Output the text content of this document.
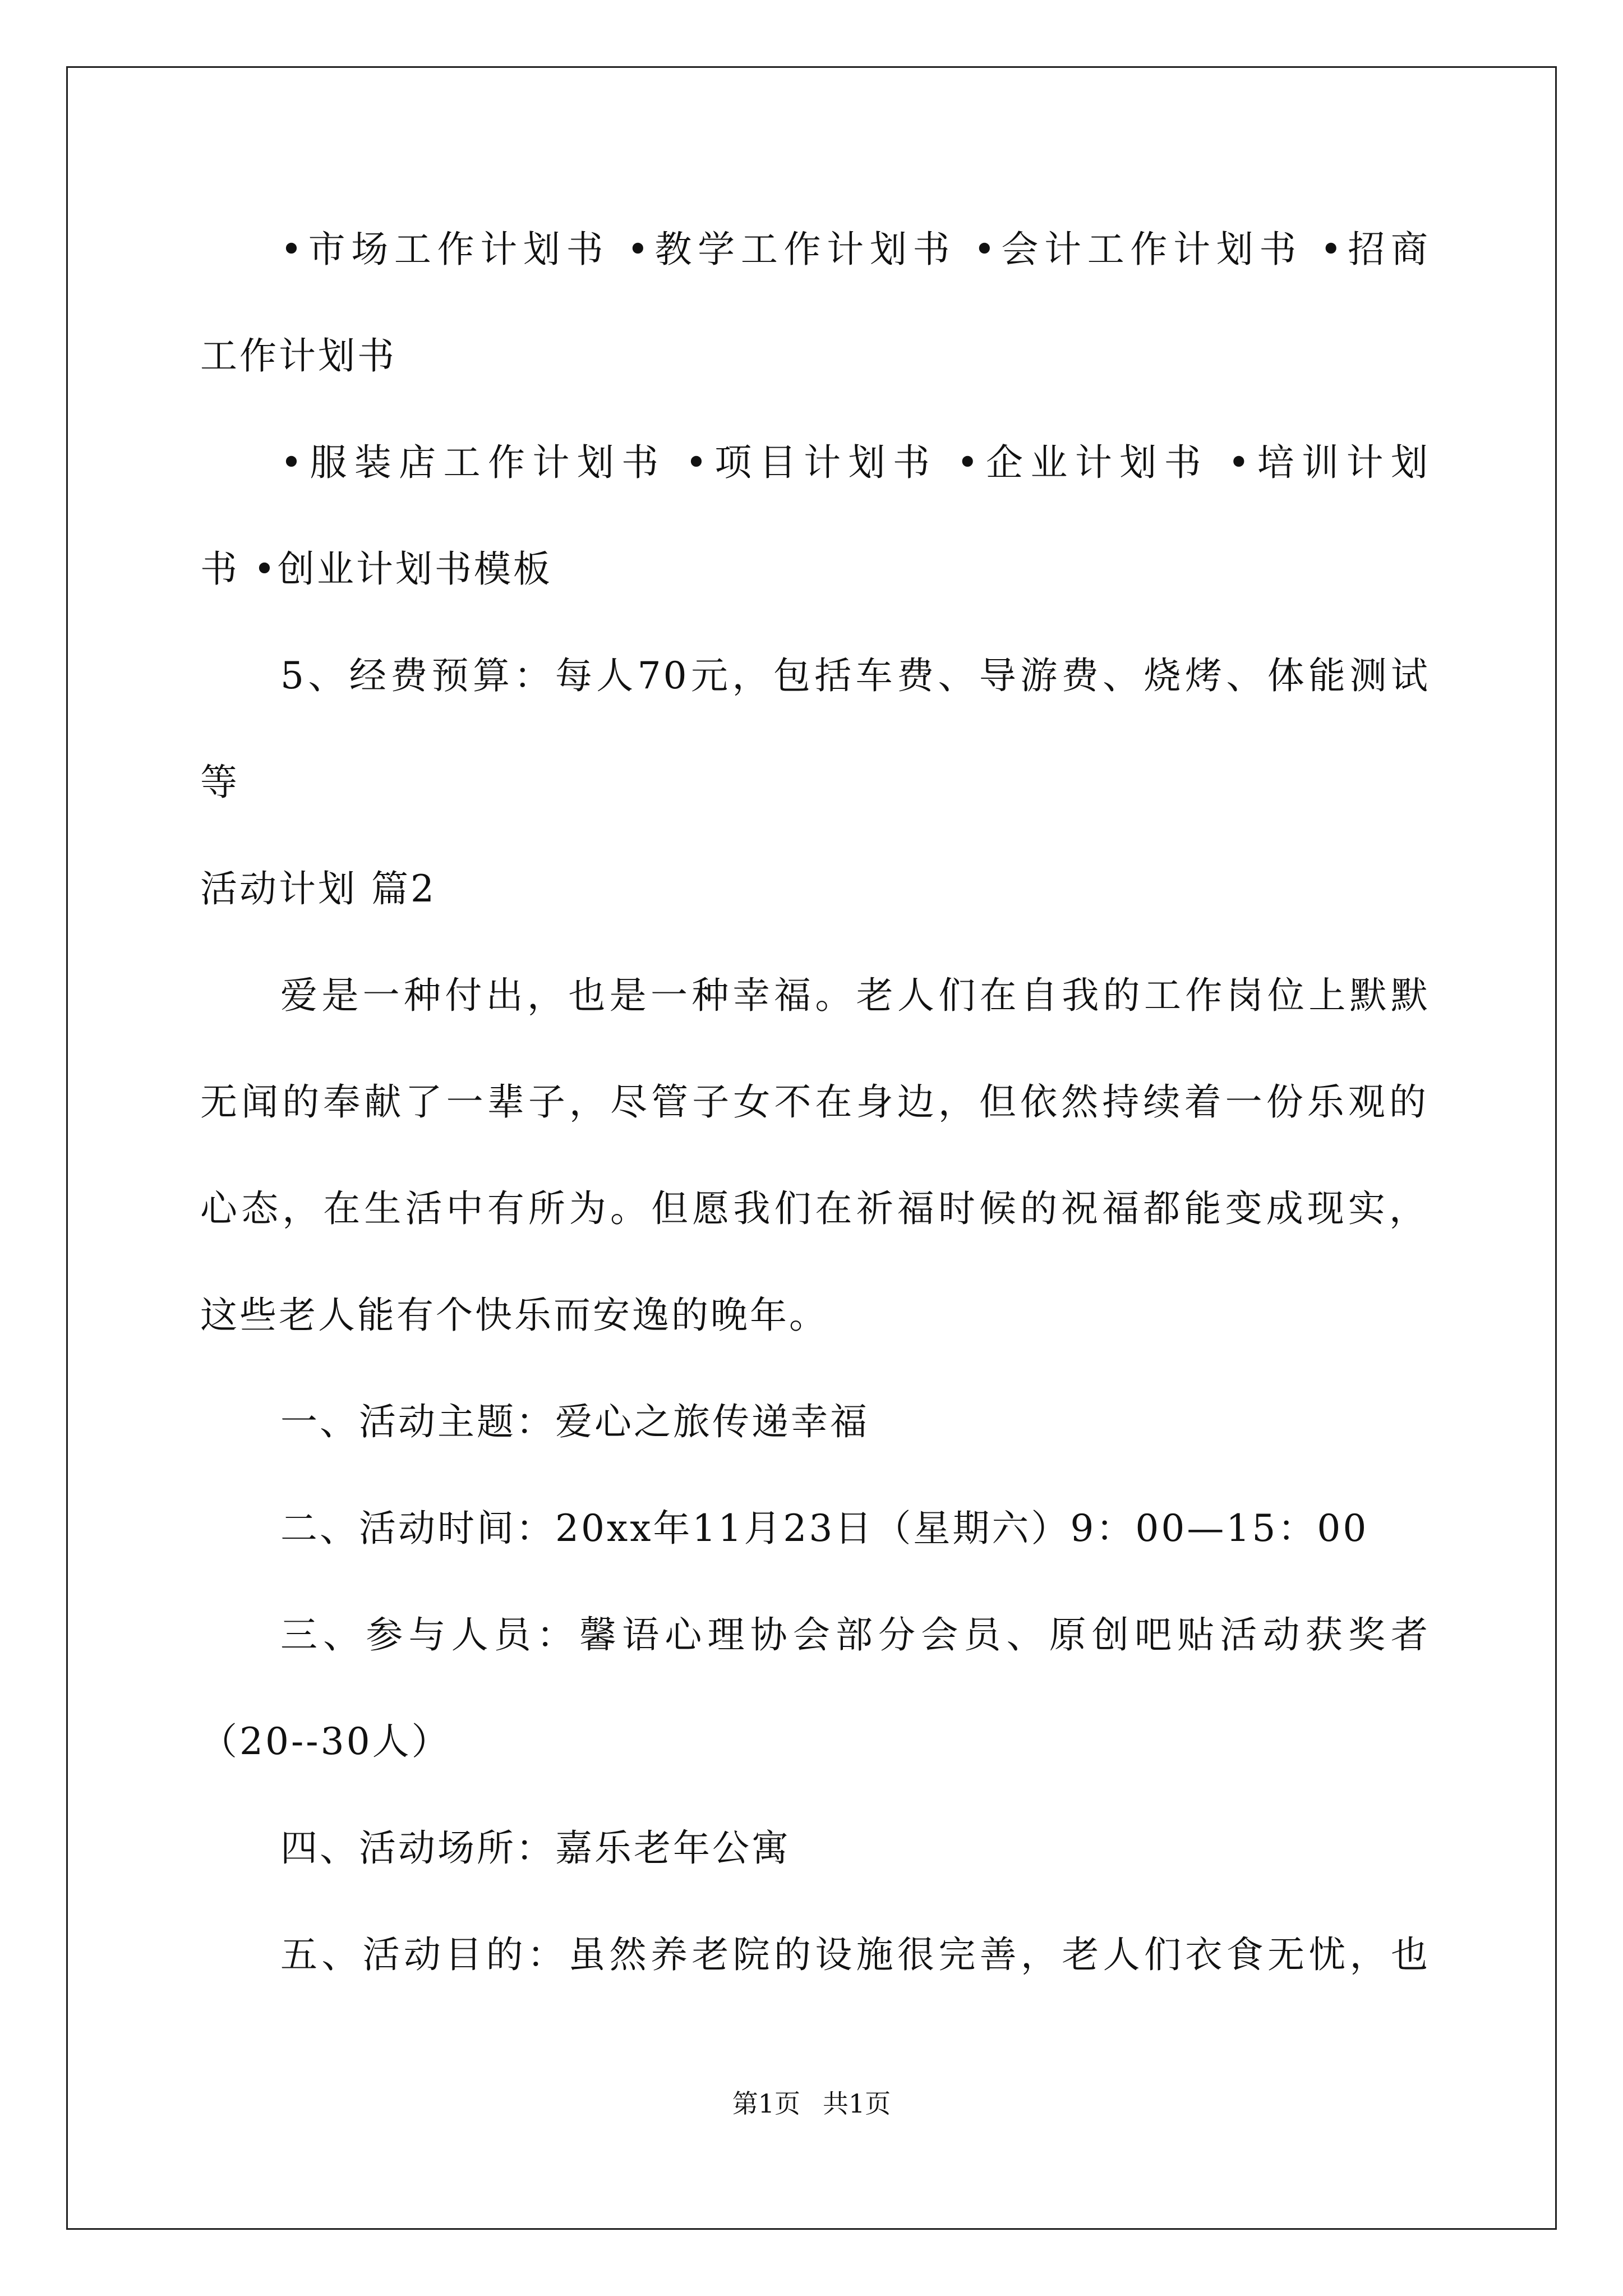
•市场工作计划书 •教学工作计划书 •会计工作计划书 •招商
工作计划书
•服装店工作计划书 •项目计划书 •企业计划书 •培训计划
书 •创业计划书模板
5、经费预算：每人70元，包括车费、导游费、烧烤、体能测试
等
活动计划 篇2
爱是一种付出，也是一种幸福。老人们在自我的工作岗位上默默
无闻的奉献了一辈子，尽管子女不在身边，但依然持续着一份乐观的
心态，在生活中有所为。但愿我们在祈福时候的祝福都能变成现实，
这些老人能有个快乐而安逸的晚年。
一、活动主题：爱心之旅传递幸福
二、活动时间：20xx年11月23日（星期六）9：00—15：00
三、参与人员：馨语心理协会部分会员、原创吧贴活动获奖者
（20--30人）
四、活动场所：嘉乐老年公寓
五、活动目的：虽然养老院的设施很完善，老人们衣食无忧，也
第1页 共1页
